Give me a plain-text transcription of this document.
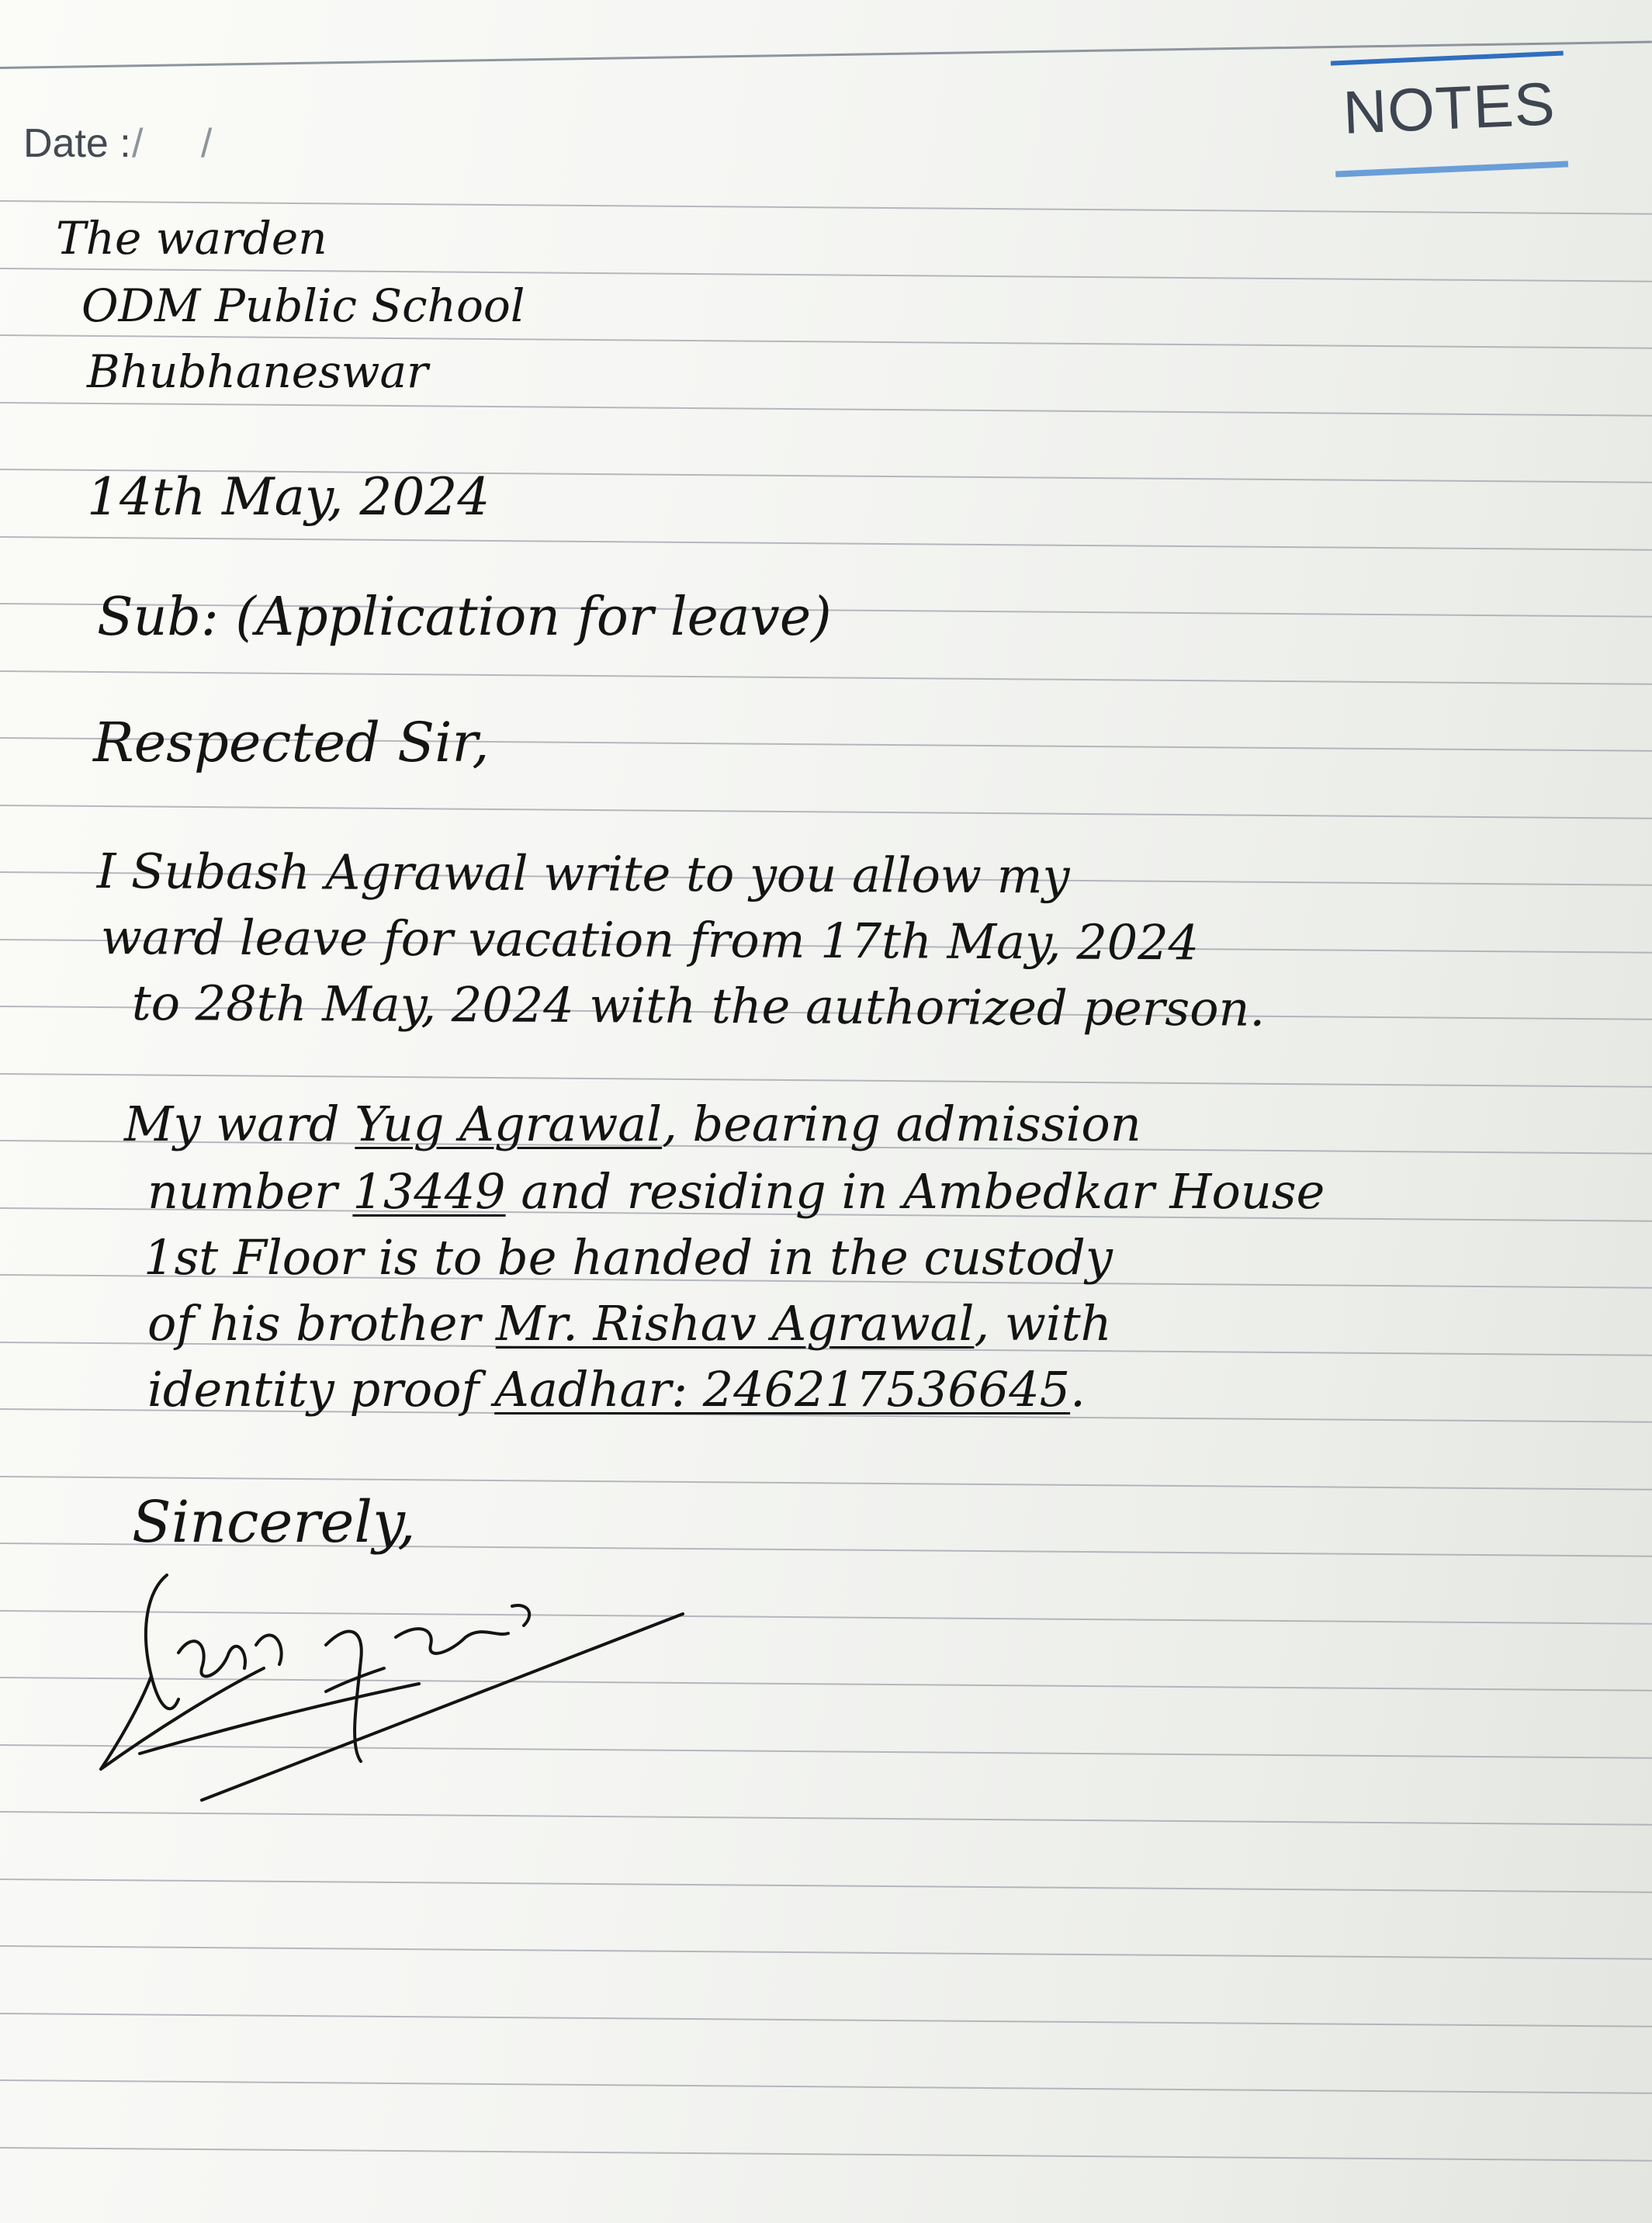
Date : / /	NOTES
The warden
ODM Public School
Bhubhaneswar
14th May, 2024
Sub: (Application for leave)
Respected Sir,
I Subash Agrawal write to you allow my
ward leave for vacation from 17th May, 2024
to 28th May, 2024 with the authorized person.
My ward Yug Agrawal, bearing admission
number 13449 and residing in Ambedkar House
1st Floor is to be handed in the custody
of his brother Mr. Rishav Agrawal, with
identity proof Aadhar: 246217536645.
Sincerely,
